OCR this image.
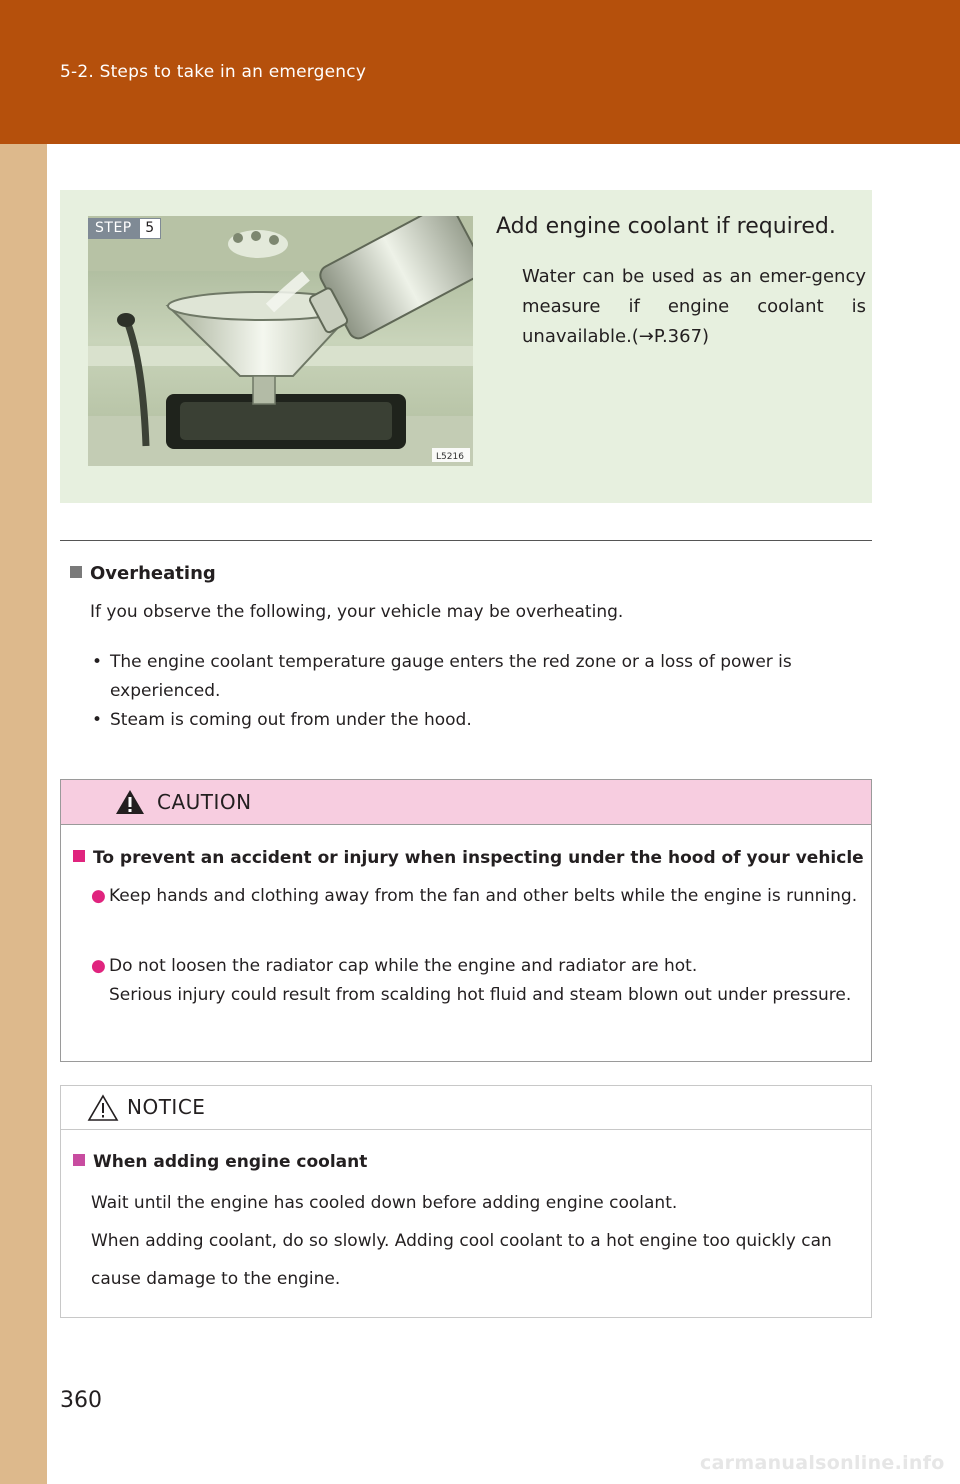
5-2. Steps to take in an emergency
L5216
STEP 5	Add engine coolant if required.
Water can be used as an emer-gency measure if engine coolant is unavailable.(→P.367)
Overheating
If you observe the following, your vehicle may be overheating.
• The engine coolant temperature gauge enters the red zone or a loss of power is experienced.
• Steam is coming out from under the hood.
CAUTION
To prevent an accident or injury when inspecting under the hood of your vehicle
● Keep hands and clothing away from the fan and other belts while the engine is running.

● Do not loosen the radiator cap while the engine and radiator are hot.

Serious injury could result from scalding hot fluid and steam blown out under pressure.

NOTICE
When adding engine coolant

Wait until the engine has cooled down before adding engine coolant.

When adding coolant, do so slowly. Adding cool coolant to a hot engine too quickly can cause damage to the engine.

360
carmanualsonline.info
